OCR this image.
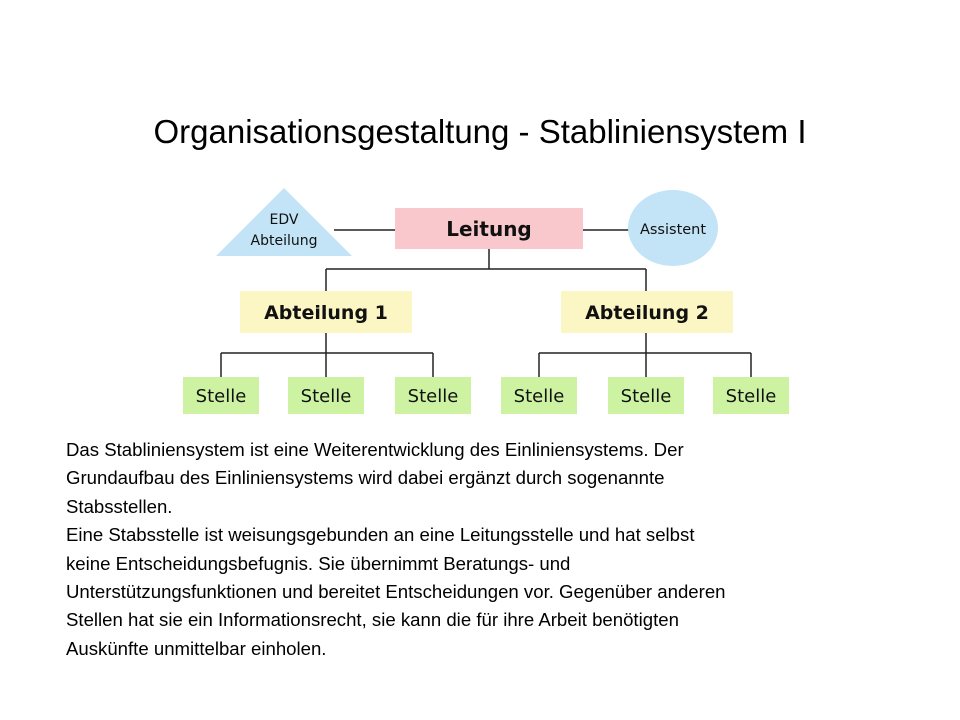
Organisationsgestaltung - Stabliniensystem I
EDV
Abteilung	Leitung	Assistent
Abteilung 1	Abteilung 2
Stelle	Stelle	Stelle	Stelle	Stelle	Stelle

Das Stabliniensystem ist eine Weiterentwicklung des Einliniensystems. Der

Grundaufbau des Einliniensystems wird dabei ergänzt durch sogenannte

Stabsstellen.

Eine Stabsstelle ist weisungsgebunden an eine Leitungsstelle und hat selbst

keine Entscheidungsbefugnis. Sie übernimmt Beratungs- und

Unterstützungsfunktionen und bereitet Entscheidungen vor. Gegenüber anderen

Stellen hat sie ein Informationsrecht, sie kann die für ihre Arbeit benötigten

Auskünfte unmittelbar einholen.
